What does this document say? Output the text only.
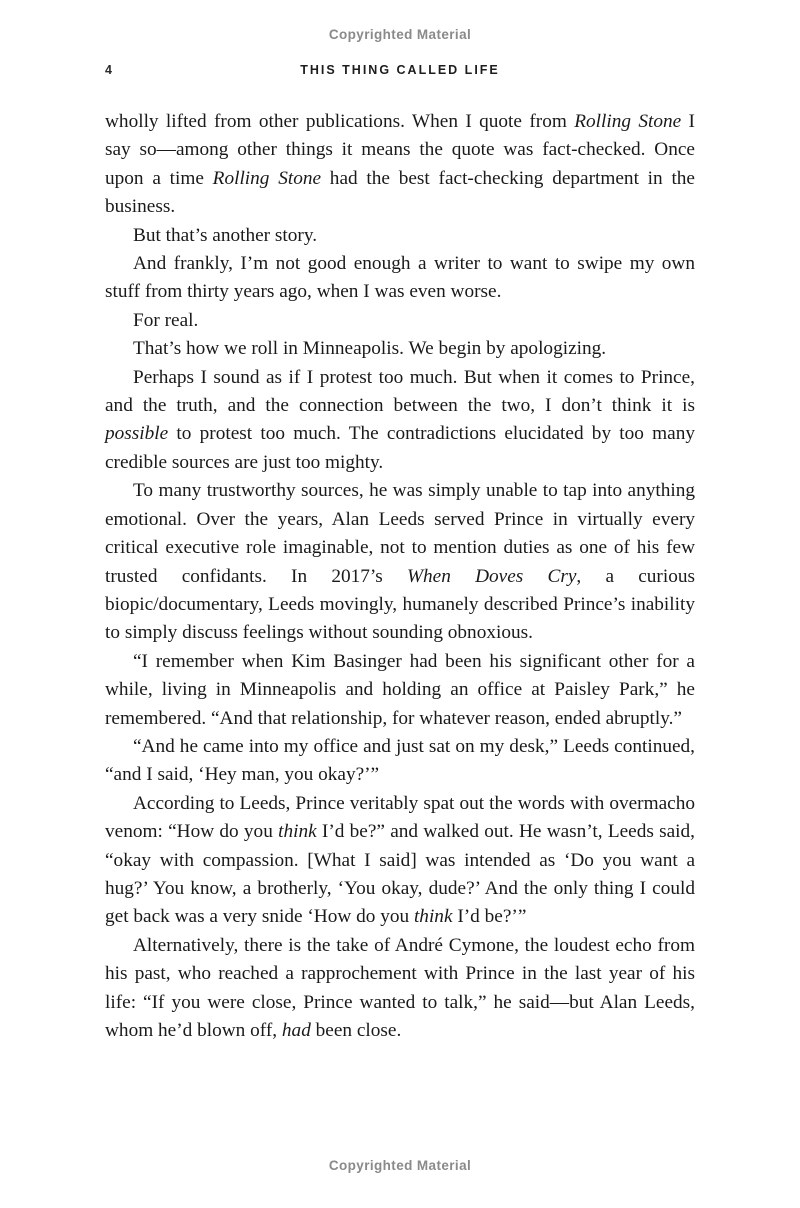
Copyrighted Material
4	THIS THING CALLED LIFE

wholly lifted from other publications. When I quote from Rolling Stone I say so—among other things it means the quote was fact-checked. Once upon a time Rolling Stone had the best fact-checking department in the business.

But that’s another story.

And frankly, I’m not good enough a writer to want to swipe my own stuff from thirty years ago, when I was even worse.

For real.

That’s how we roll in Minneapolis. We begin by apologizing.

Perhaps I sound as if I protest too much. But when it comes to Prince, and the truth, and the connection between the two, I don’t think it is possible to protest too much. The contradictions elucidated by too many credible sources are just too mighty.

To many trustworthy sources, he was simply unable to tap into anything emotional. Over the years, Alan Leeds served Prince in virtually every critical executive role imaginable, not to mention duties as one of his few trusted confidants. In 2017’s When Doves Cry, a curious biopic/documentary, Leeds movingly, humanely described Prince’s inability to simply discuss feelings without sounding obnoxious.

“I remember when Kim Basinger had been his significant other for a while, living in Minneapolis and holding an office at Paisley Park,” he remembered. “And that relationship, for whatever reason, ended abruptly.”

“And he came into my office and just sat on my desk,” Leeds continued, “and I said, ‘Hey man, you okay?’”

According to Leeds, Prince veritably spat out the words with overmacho venom: “How do you think I’d be?” and walked out. He wasn’t, Leeds said, “okay with compassion. [What I said] was intended as ‘Do you want a hug?’ You know, a brotherly, ‘You okay, dude?’ And the only thing I could get back was a very snide ‘How do you think I’d be?’”

Alternatively, there is the take of André Cymone, the loudest echo from his past, who reached a rapprochement with Prince in the last year of his life: “If you were close, Prince wanted to talk,” he said—but Alan Leeds, whom he’d blown off, had been close.

Copyrighted Material
